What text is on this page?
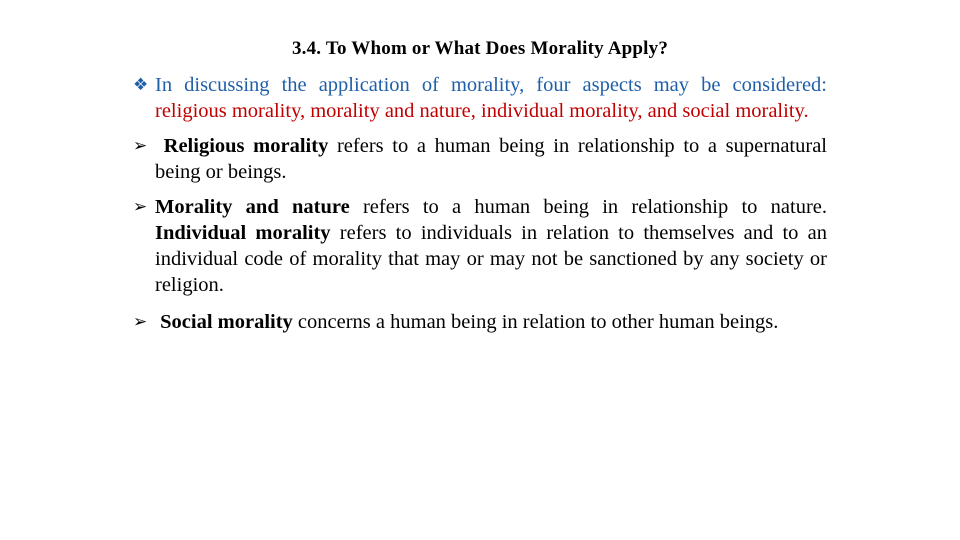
3.4. To Whom or What Does Morality Apply?
❖ In discussing the application of morality, four aspects may be considered: religious morality, morality and nature, individual morality, and social morality.
➢ Religious morality refers to a human being in relationship to a supernatural being or beings.
➢ Morality and nature refers to a human being in relationship to nature. Individual morality refers to individuals in relation to themselves and to an individual code of morality that may or may not be sanctioned by any society or religion.
➢ Social morality concerns a human being in relation to other human beings.
